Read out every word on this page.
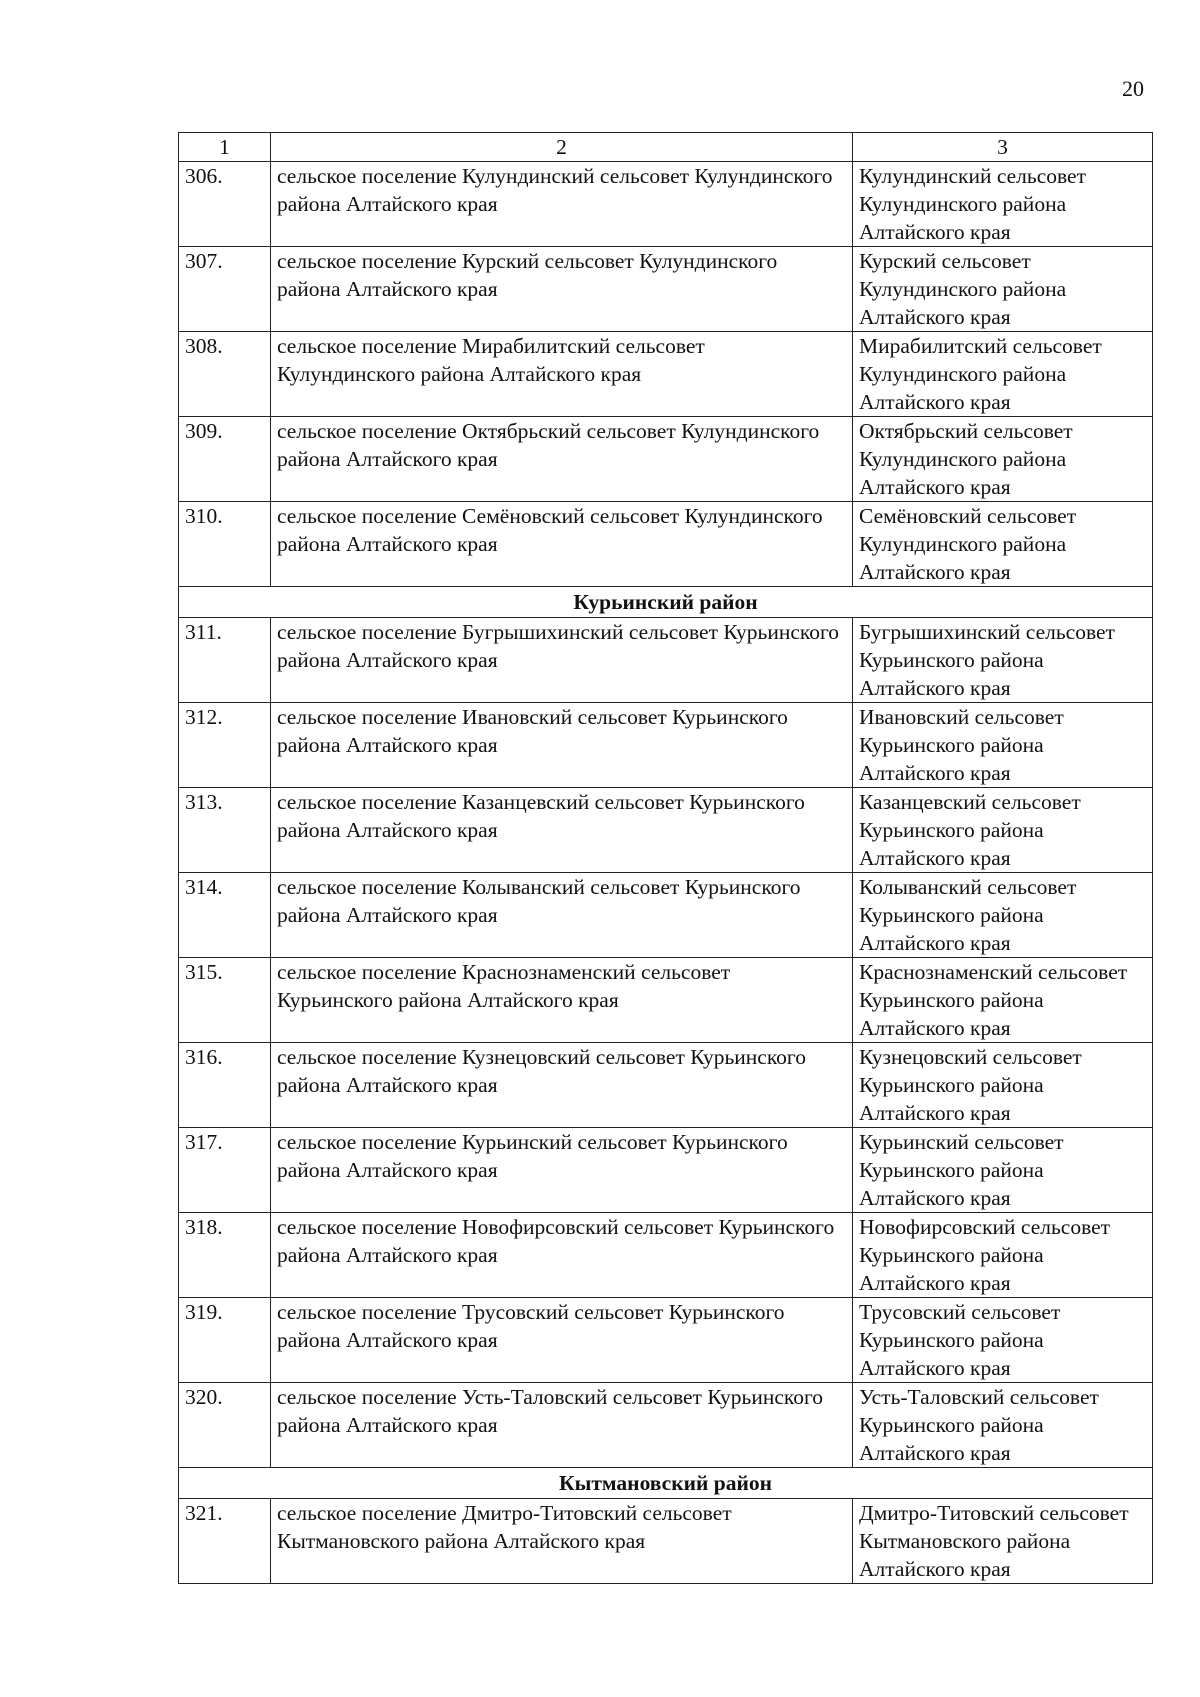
20
1	2	3
306.	сельское поселение Кулундинский сельсовет Кулундинского района Алтайского края	Кулундинский сельсовет Кулундинского района Алтайского края
307.	сельское поселение Курский сельсовет Кулундинского района Алтайского края	Курский сельсовет Кулундинского района Алтайского края
308.	сельское поселение Мирабилитский сельсовет Кулундинского района Алтайского края	Мирабилитский сельсовет Кулундинского района Алтайского края
309.	сельское поселение Октябрьский сельсовет Кулундинского района Алтайского края	Октябрьский сельсовет Кулундинского района Алтайского края
310.	сельское поселение Семёновский сельсовет Кулундинского района Алтайского края	Семёновский сельсовет Кулундинского района Алтайского края
Курьинский район		
311.	сельское поселение Бугрышихинский сельсовет Курьинского района Алтайского края	Бугрышихинский сельсовет Курьинского района Алтайского края
312.	сельское поселение Ивановский сельсовет Курьинского района Алтайского края	Ивановский сельсовет Курьинского района Алтайского края
313.	сельское поселение Казанцевский сельсовет Курьинского района Алтайского края	Казанцевский сельсовет Курьинского района Алтайского края
314.	сельское поселение Колыванский сельсовет Курьинского района Алтайского края	Колыванский сельсовет Курьинского района Алтайского края
315.	сельское поселение Краснознаменский сельсовет Курьинского района Алтайского края	Краснознаменский сельсовет Курьинского района Алтайского края
316.	сельское поселение Кузнецовский сельсовет Курьинского района Алтайского края	Кузнецовский сельсовет Курьинского района Алтайского края
317.	сельское поселение Курьинский сельсовет Курьинского района Алтайского края	Курьинский сельсовет Курьинского района Алтайского края
318.	сельское поселение Новофирсовский сельсовет Курьинского района Алтайского края	Новофирсовский сельсовет Курьинского района Алтайского края
319.	сельское поселение Трусовский сельсовет Курьинского района Алтайского края	Трусовский сельсовет Курьинского района Алтайского края
320.	сельское поселение Усть-Таловский сельсовет Курьинского района Алтайского края	Усть-Таловский сельсовет Курьинского района Алтайского края
Кытмановский район		
321.	сельское поселение Дмитро-Титовский сельсовет Кытмановского района Алтайского края	Дмитро-Титовский сельсовет Кытмановского района Алтайского края
